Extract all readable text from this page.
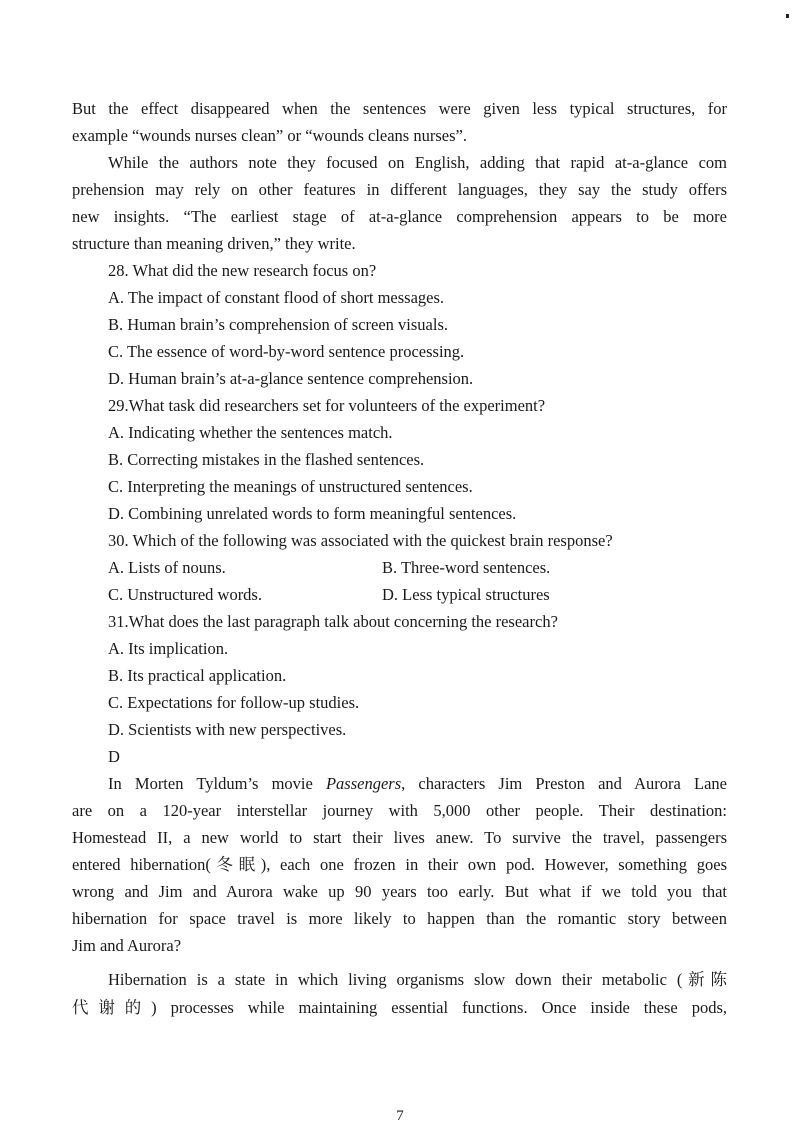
But the effect disappeared when the sentences were given less typical structures, for
example “wounds nurses clean” or “wounds cleans nurses”.
While the authors note they focused on English, adding that rapid at-a-glance com
prehension may rely on other features in different languages, they say the study offers
new insights. “The earliest stage of at-a-glance comprehension appears to be more
structure than meaning driven,” they write.
28. What did the new research focus on?
A. The impact of constant flood of short messages.
B. Human brain’s comprehension of screen visuals.
C. The essence of word-by-word sentence processing.
D. Human brain’s at-a-glance sentence comprehension.
29.What task did researchers set for volunteers of the experiment?
A. Indicating whether the sentences match.
B. Correcting mistakes in the flashed sentences.
C. Interpreting the meanings of unstructured sentences.
D. Combining unrelated words to form meaningful sentences.
30. Which of the following was associated with the quickest brain response?
A. Lists of nouns.	B. Three-word sentences.
C. Unstructured words.	D. Less typical structures
31.What does the last paragraph talk about concerning the research?
A. Its implication.
B. Its practical application.
C. Expectations for follow-up studies.
D. Scientists with new perspectives.
D
In Morten Tyldum’s movie Passengers, characters Jim Preston and Aurora Lane
are on a 120-year interstellar journey with 5,000 other people. Their destination:
Homestead II, a new world to start their lives anew. To survive the travel, passengers
entered hibernation(冬眠), each one frozen in their own pod. However, something goes
wrong and Jim and Aurora wake up 90 years too early. But what if we told you that
hibernation for space travel is more likely to happen than the romantic story between
Jim and Aurora?
Hibernation is a state in which living organisms slow down their metabolic (新陈
代谢的) processes while maintaining essential functions. Once inside these pods,
7
